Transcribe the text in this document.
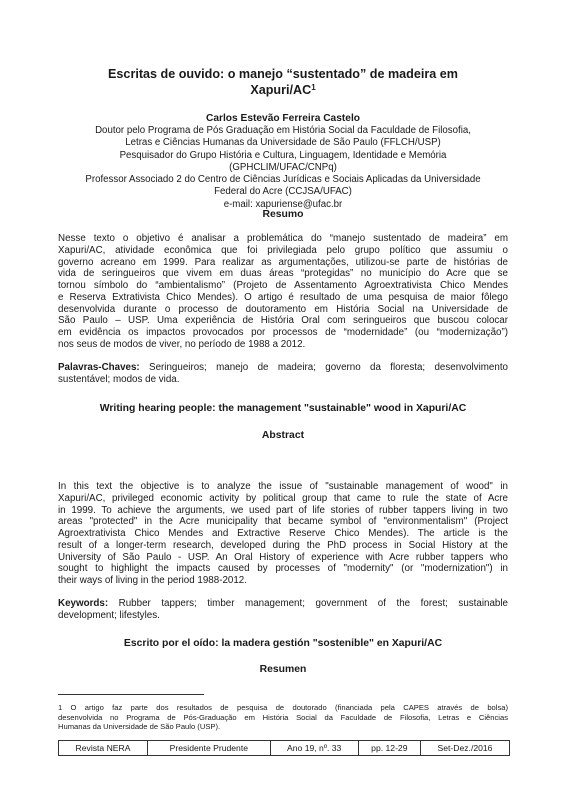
Escritas de ouvido: o manejo “sustentado” de madeira em
Xapuri/$AC^1$
Carlos Estevão Ferreira Castelo
Doutor pelo Programa de Pós Graduação em História Social da Faculdade de Filosofia,
Letras e Ciências Humanas da Universidade de São Paulo (FFLCH/USP)
Pesquisador do Grupo História e Cultura, Linguagem, Identidade e Memória
(GPHCLIM/UFAC/CNPq)
Professor Associado 2 do Centro de Ciências Jurídicas e Sociais Aplicadas da Universidade
Federal do Acre (CCJSA/UFAC)
e-mail: xapuriense@ufac.br
Resumo
Nesse texto o objetivo é analisar a problemática do “manejo sustentado de madeira” em
Xapuri/AC, atividade econômica que foi privilegiada pelo grupo político que assumiu o
governo acreano em 1999. Para realizar as argumentações, utilizou-se parte de histórias de
vida de seringueiros que vivem em duas áreas “protegidas” no município do Acre que se
tornou símbolo do “ambientalismo” (Projeto de Assentamento Agroextrativista Chico Mendes
e Reserva Extrativista Chico Mendes). O artigo é resultado de uma pesquisa de maior fôlego
desenvolvida durante o processo de doutoramento em História Social na Universidade de
São Paulo – USP. Uma experiência de História Oral com seringueiros que buscou colocar
em evidência os impactos provocados por processos de “modernidade” (ou “modernização”)
nos seus de modos de viver, no período de 1988 a 2012.
Palavras-Chaves: Seringueiros; manejo de madeira; governo da floresta; desenvolvimento
sustentável; modos de vida.
Writing hearing people: the management "sustainable" wood in Xapuri/AC
Abstract
In this text the objective is to analyze the issue of "sustainable management of wood" in
Xapuri/AC, privileged economic activity by political group that came to rule the state of Acre
in 1999. To achieve the arguments, we used part of life stories of rubber tappers living in two
areas "protected" in the Acre municipality that became symbol of "environmentalism" (Project
Agroextrativista Chico Mendes and Extractive Reserve Chico Mendes). The article is the
result of a longer-term research, developed during the PhD process in Social History at the
University of São Paulo - USP. An Oral History of experience with Acre rubber tappers who
sought to highlight the impacts caused by processes of "modernity" (or "modernization") in
their ways of living in the period 1988-2012.
Keywords: Rubber tappers; timber management; government of the forest; sustainable
development; lifestyles.
Escrito por el oído: la madera gestión "sostenible" en Xapuri/AC
Resumen
1 O artigo faz parte dos resultados de pesquisa de doutorado (financiada pela CAPES através de bolsa)
desenvolvida no Programa de Pós-Graduação em História Social da Faculdade de Filosofia, Letras e Ciências
Humanas da Universidade de São Paulo (USP).
Revista NERA	Presidente Prudente	Ano 19, nº. 33	pp. 12-29	Set-Dez./2016
